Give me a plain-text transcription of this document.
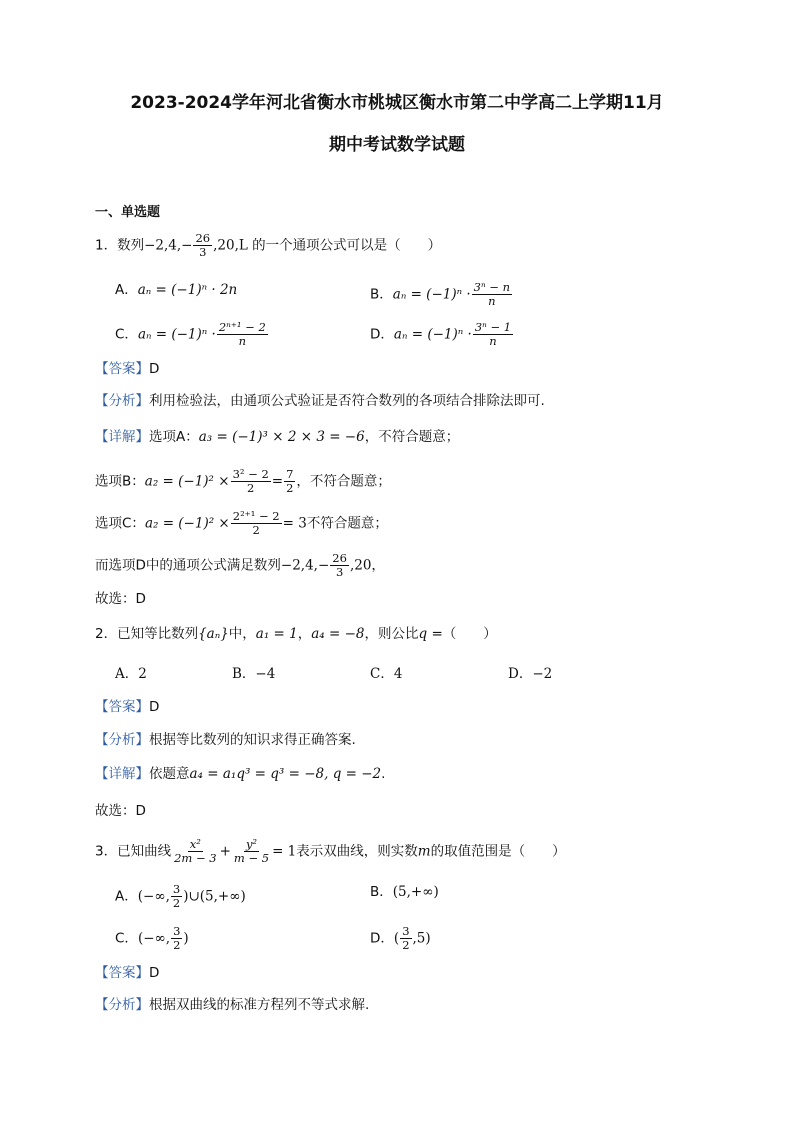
2023-2024学年河北省衡水市桃城区衡水市第二中学高二上学期11月
期中考试数学试题
一、单选题
1．数列$-2,4,- \frac{26}{3} ,20,L$ 的一个通项公式可以是（　　）
A．aₙ = (−1)ⁿ · 2n	B．$a_n = (-1)^n \cdot \frac{\text{3ⁿ − n}}{n}$
C．$a_n = (-1)^n \cdot \frac{\text{2ⁿ⁺¹ − 2}}{n}$	D．$a_n = (-1)^n \cdot \frac{\text{3ⁿ − 1}}{n}$
【答案】D
【分析】利用检验法，由通项公式验证是否符合数列的各项结合排除法即可.
【详解】选项A：a₃ = (−1)³ × 2 × 3 = −6，不符合题意；
选项B：$a_2 = (-1)^2 \times \frac{\text{3² − 2}}{2} = \frac{7}{2}$ ，不符合题意；
选项C：$a_2 = (-1)^2 \times \frac{\text{2²⁺¹ − 2}}{2} = 3$不符合题意；
而选项D中的通项公式满足数列$-2,4,- \frac{26}{3} ,20$，
故选：D
2．已知等比数列{aₙ}中，a₁ = 1，a₄ = −8，则公比q =（　　）
A．2	B．−4	C．4	D．−2
【答案】D
【分析】根据等比数列的知识求得正确答案.
【详解】依题意a₄ = a₁q³ = q³ = −8, q = −2.
故选：D
3．已知曲线 $\frac{\text{x²}}{2m - 3} + \frac{\text{y²}}{m - 5} = 1$表示双曲线，则实数m的取值范围是（　　）
A．(−∞, $\frac{3}{2}$ )∪(5,+∞)	B．(5,+∞)
C．(−∞, $\frac{3}{2}$ )	D．( $\frac{3}{2} ,5$)
【答案】D
【分析】根据双曲线的标准方程列不等式求解.
